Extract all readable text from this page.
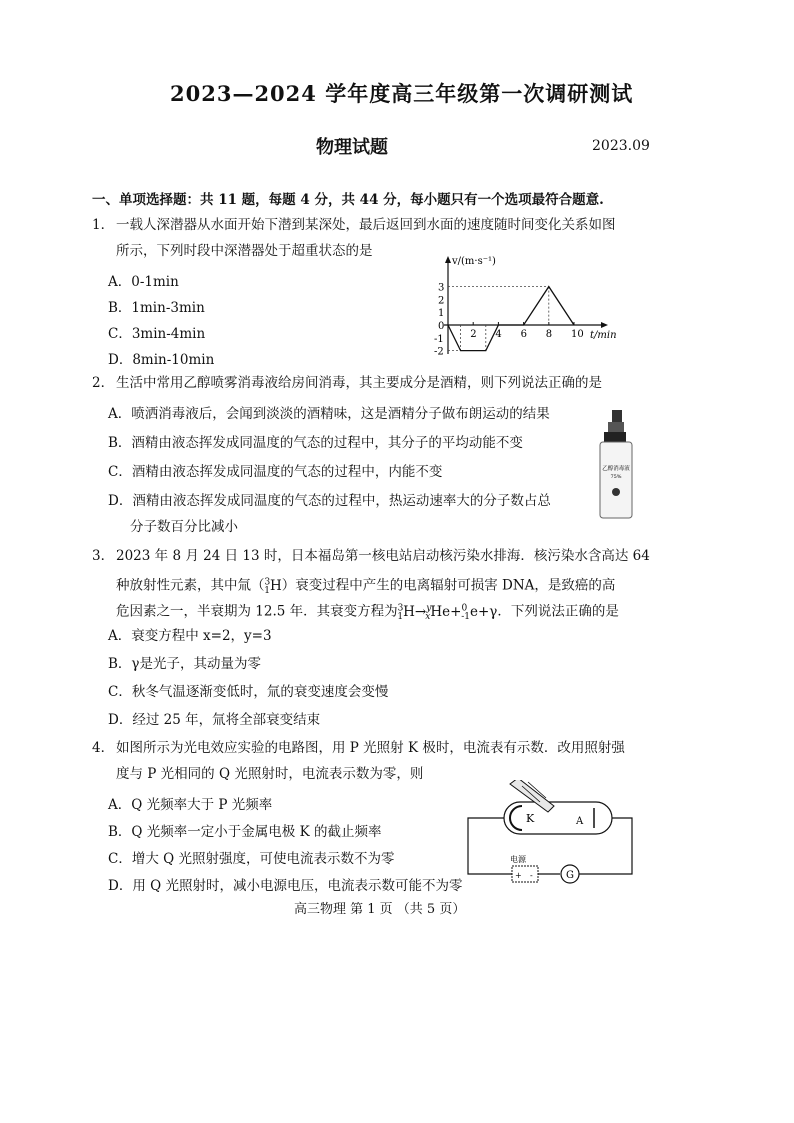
2023—2024 学年度高三年级第一次调研测试
物理试题	2023.09
一、单项选择题：共 11 题，每题 4 分，共 44 分，每小题只有一个选项最符合题意.
1． 一载人深潜器从水面开始下潜到某深处，最后返回到水面的速度随时间变化关系如图
所示，下列时段中深潜器处于超重状态的是
A．0-1min
B．1min-3min
C．3min-4min
D．8min-10min
v/(m·s⁻¹)
t/min
2 4 6 8 10
3
2
1
0
-1
-2
2． 生活中常用乙醇喷雾消毒液给房间消毒，其主要成分是酒精，则下列说法正确的是
A．喷洒消毒液后，会闻到淡淡的酒精味，这是酒精分子做布朗运动的结果
B．酒精由液态挥发成同温度的气态的过程中，其分子的平均动能不变
C．酒精由液态挥发成同温度的气态的过程中，内能不变
D．酒精由液态挥发成同温度的气态的过程中，热运动速率大的分子数占总
分子数百分比减小
乙醇消毒液
75%
3． 2023 年 8 月 24 日 13 时，日本福岛第一核电站启动核污染水排海．核污染水含高达 64
种放射性元素，其中氚（$^3_1$H）衰变过程中产生的电离辐射可损害 DNA，是致癌的高
危因素之一，半衰期为 12.5 年．其衰变方程为$^3_1$H→$^y_x$He+$^0_{-1}$e+γ．下列说法正确的是
A．衰变方程中 x=2，y=3
B．γ是光子，其动量为零
C．秋冬气温逐渐变低时，氚的衰变速度会变慢
D．经过 25 年，氚将全部衰变结束
4． 如图所示为光电效应实验的电路图，用 P 光照射 K 极时，电流表有示数．改用照射强
度与 P 光相同的 Q 光照射时，电流表示数为零，则
A．Q 光频率大于 P 光频率
B．Q 光频率一定小于金属电极 K 的截止频率
C．增大 Q 光照射强度，可使电流表示数不为零
D．用 Q 光照射时，减小电源电压，电流表示数可能不为零
K	A
电源
+ -	G
高三物理 第 1 页 （共 5 页）
